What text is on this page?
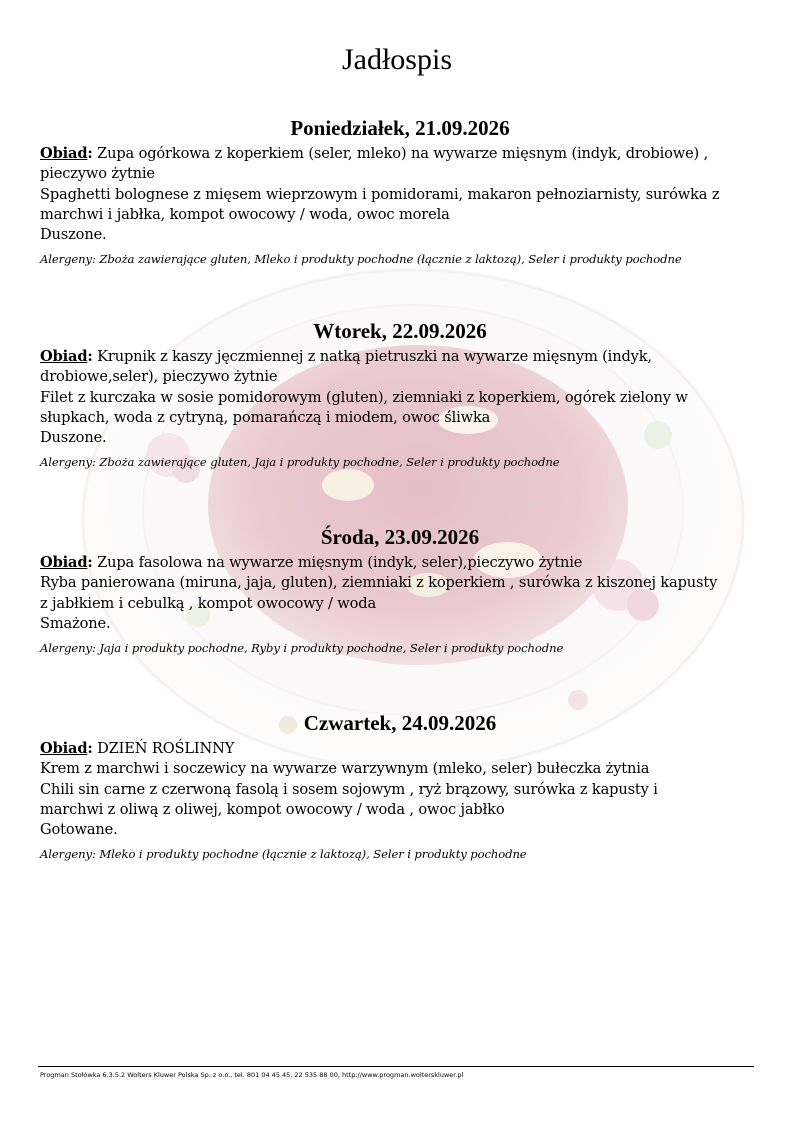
Jadłospis
Poniedziałek, 21.09.2026
Obiad: Zupa ogórkowa z koperkiem (seler, mleko) na wywarze mięsnym (indyk, drobiowe) ,
pieczywo żytnie
Spaghetti bolognese z mięsem wieprzowym i pomidorami, makaron pełnoziarnisty, surówka z
marchwi i jabłka, kompot owocowy / woda, owoc morela
Duszone.
Alergeny: Zboża zawierające gluten, Mleko i produkty pochodne (łącznie z laktozą), Seler i produkty pochodne
Wtorek, 22.09.2026
Obiad: Krupnik z kaszy jęczmiennej z natką pietruszki na wywarze mięsnym (indyk,
drobiowe,seler), pieczywo żytnie
Filet z kurczaka w sosie pomidorowym (gluten), ziemniaki z koperkiem, ogórek zielony w
słupkach, woda z cytryną, pomarańczą i miodem, owoc śliwka
Duszone.
Alergeny: Zboża zawierające gluten, Jaja i produkty pochodne, Seler i produkty pochodne
Środa, 23.09.2026
Obiad: Zupa fasolowa na wywarze mięsnym (indyk, seler),pieczywo żytnie
Ryba panierowana (miruna, jaja, gluten), ziemniaki z koperkiem , surówka z kiszonej kapusty
z jabłkiem i cebulką , kompot owocowy / woda
Smażone.
Alergeny: Jaja i produkty pochodne, Ryby i produkty pochodne, Seler i produkty pochodne
Czwartek, 24.09.2026
Obiad: DZIEŃ ROŚLINNY
Krem z marchwi i soczewicy na wywarze warzywnym (mleko, seler) bułeczka żytnia
Chili sin carne z czerwoną fasolą i sosem sojowym , ryż brązowy, surówka z kapusty i
marchwi z oliwą z oliwej, kompot owocowy / woda , owoc jabłko
Gotowane.
Alergeny: Mleko i produkty pochodne (łącznie z laktozą), Seler i produkty pochodne
Progman Stołówka 6.3.5.2 Wolters Kluwer Polska Sp. z o.o., tel. 801 04 45 45, 22 535 88 00, http://www.progman.wolterskluwer.pl
